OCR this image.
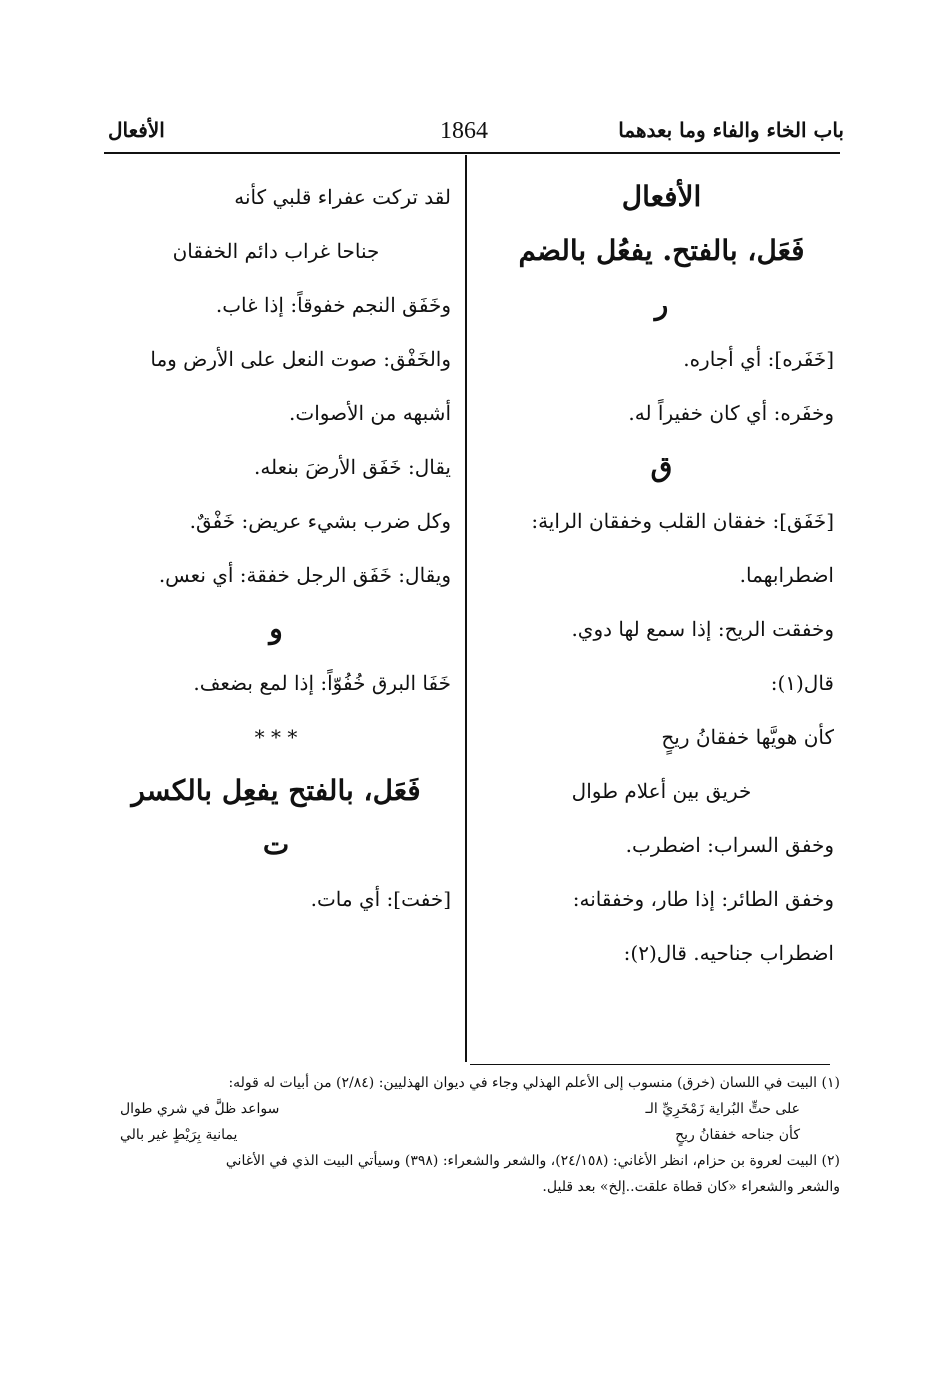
باب الخاء والفاء وما بعدهما
1864
الأفعال
الأفعال
فَعَل، بالفتح. يفعُل بالضم
ر
[خَفَره]: أي أجاره.
وخفَره: أي كان خفيراً له.
ق
[خَفَق]: خفقان القلب وخفقان الراية:
اضطرابهما.
وخفقت الريح: إذا سمع لها دوي.
قال(١):
كأن هويَّها خفقانُ ريحٍ
خريق بين أعلام طوال
وخفق السراب: اضطرب.
وخفق الطائر: إذا طار، وخفقانه:
اضطراب جناحيه. قال(٢):
لقد تركت عفراء قلبي كأنه
جناحا غراب دائم الخفقان
وخَفَق النجم خفوقاً: إذا غاب.
والخَفْق: صوت النعل على الأرض وما
أشبهه من الأصوات.
يقال: خَفَق الأرضَ بنعله.
وكل ضرب بشيء عريض: خَفْقٌ.
ويقال: خَفَق الرجل خفقة: أي نعس.
و
خَفَا البرق خُفُوّاً: إذا لمع بضعف.
* * *
فَعَل، بالفتح يفعِل بالكسر
ت
[خفت]: أي مات.
(١) البيت في اللسان (خرق) منسوب إلى الأعلم الهذلي وجاء في ديوان الهذليين: (٢/٨٤) من أبيات له قوله:
على حتٍّ البُراية زَمْخَرِيِّ الـ
سواعد ظلَّ في شري طوال
كأن جناحه خفقانُ ريحٍ
يمانية بِرَيْطٍ غير بالي
(٢) البيت لعروة بن حزام، انظر الأغاني: (٢٤/١٥٨)، والشعر والشعراء: (٣٩٨) وسيأتي البيت الذي في الأغاني
والشعر والشعراء «كان قطاة علقت..إلخ» بعد قليل.
